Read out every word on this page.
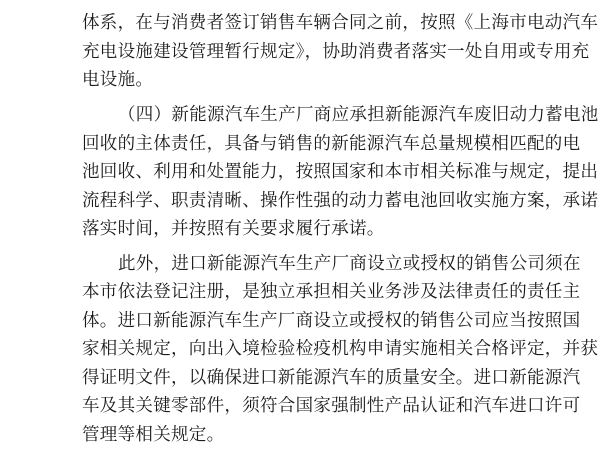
体系，在与消费者签订销售车辆合同之前，按照《上海市电动汽车
充电设施建设管理暂行规定》，协助消费者落实一处自用或专用充
电设施。
（四）新能源汽车生产厂商应承担新能源汽车废旧动力蓄电池
回收的主体责任，具备与销售的新能源汽车总量规模相匹配的电
池回收、利用和处置能力，按照国家和本市相关标准与规定，提出
流程科学、职责清晰、操作性强的动力蓄电池回收实施方案，承诺
落实时间，并按照有关要求履行承诺。
此外，进口新能源汽车生产厂商设立或授权的销售公司须在
本市依法登记注册，是独立承担相关业务涉及法律责任的责任主
体。进口新能源汽车生产厂商设立或授权的销售公司应当按照国
家相关规定，向出入境检验检疫机构申请实施相关合格评定，并获
得证明文件，以确保进口新能源汽车的质量安全。进口新能源汽
车及其关键零部件，须符合国家强制性产品认证和汽车进口许可
管理等相关规定。
